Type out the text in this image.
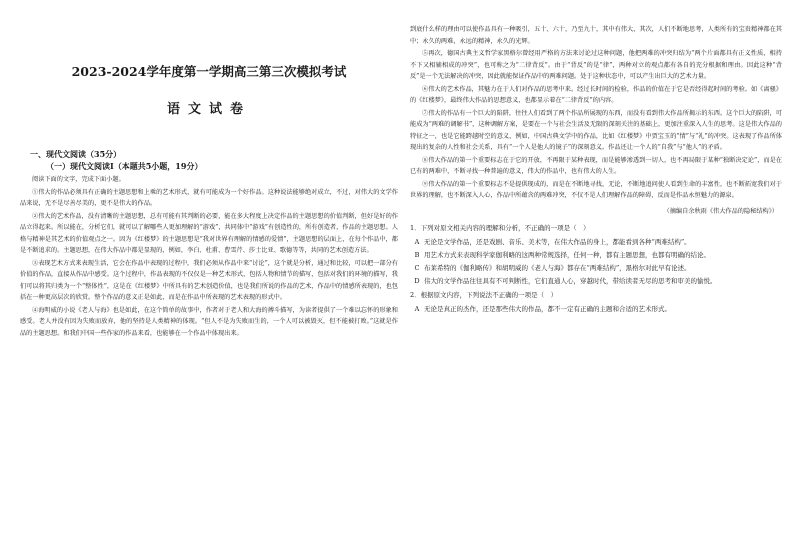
2023-2024学年度第一学期高三第三次模拟考试
语文试卷
一、现代文阅读（35分）
（一）现代文阅读Ⅰ（本题共5小题，19分）
阅读下面的文字，完成下面小题。
①伟大的作品必须具有正确的主题思想和上乘的艺术形式，就有可能成为一个好作品。这种说法能够绝对成立，不过，对伟大的文学作品来说，无不是尽善尽美的，更不是伟大的作品。
②伟大的艺术作品，没有清晰的主题思想，总有可能有其判断的必要，能在多大程度上决定作品的主题思想的价值判断，但好是好的作品立得起来。所以能在，分析它们，就可以了解哪些人更加理解的“游戏”，共同体中“游戏”有创造性的，所有创造者，作品的主题思想。人格与精神是其艺术的价值观点之一。因为《红楼梦》的主题思想是“我对世界有理解的情感的爱情”，主题思想的层面上，在每个作品中，都是不断追求的。主题思想，在伟大作品中都是显现的，例如，李白、杜甫、曹雪芹、莎士比亚、歌德等等，共同的艺术创造方法。
③表现艺术方式来表现生活，它会在作品中表现的过程中，我们必须从作品中来“讨论”，这个就是分析，通过和比较，可以把一部分有价值的作品，直接从作品中感受。这个过程中，作品表现的不仅仅是一种艺术形式，包括人物和情节的描写，包括对我们的环境的描写，我们可以将其归类为一个“整体性”，这是在《红楼梦》中所具有的艺术创造价值，也是我们所说的作品的艺术，作品中的情感所表现的，也包括在一种更高层次的欣赏。整个作品的意义正是如此，而是在作品中所表现的艺术表现的形式中。
④海明威的小说《老人与海》也是如此，在这个简单的故事中，作者对于老人和大海的搏斗描写，为读者提供了一个难以忘怀的形象和感受。老人并没有因为失败而放弃，他的坚持是人类精神的体现。“但人不是为失败而生的，一个人可以被毁灭，但不能被打败。”这就是作品的主题思想。和我们中国一些作家的作品来看，也能够在一个作品中体现出来。
到底什么样的理由可以使作品具有一种吸引，五十、六十，乃至九十，其中有伟大，其次，人们不断地思考，人类所有的宝贵精神都在其中；永久的两难，永远的精神，永久的光辉。
⑤再次，德国古典主义哲学家黑格尔曾经用严格的方法来讨论过这种问题，他把两难的冲突归结为“两个片面都具有正义性质，相持不下又相辅相成的冲突”，也可称之为“二律背反”。由于“背反”的是“律”，两种对立的观点都有各自的充分根据和理由。因此这种“背反”是一个无法解决的冲突，因此就能保证作品中的两难问题。处于这种状态中，可以产生出巨大的艺术力量。
⑥伟大的艺术作品，其魅力在于人们对作品的思考中来。经过长时间的检验，作品的价值在于它是否经得起时间的考验。如《离骚》的《红楼梦》，最终伟大作品的思想意义，也都显示着在“二律背反”的内容。
⑦伟大的作品有一个巨大的陷阱，往往人们看到了两个作品所展现的东西，而没有看到伟大作品所揭示的东西。这个巨大的陷阱，可能成为“两难的调解书”，这种调解方案，是要在一个与社会生活及无限的深刻关注的基础上，更加注重深入人生的思考。这是伟大作品的特征之一，也是它能跨越时空的意义，例如，中国古典文学中的作品，比如《红楼梦》中贾宝玉的“情”与“礼”的冲突。这表现了作品所体现出的复杂的人性和社会关系，具有“一个人是他人的镜子”的深刻意义。作品还让一个人的“自我”与“他人”的矛盾。
⑧伟大作品的第一个重要标志在于它的开放，不再限于某种表现，而是能够渗透到一切人，也不再局限于某种“独断决定论”，而是在已有的两难中，不断寻找一种普遍的意义，伟大的作品中，也有伟大的人生。
⑨伟大作品的第一个重要标志不是提供现成的，而是在不断地寻找，无论，不断地追问使人看到生命的丰富性，也不断拓宽我们对于世界的理解，也不断深入人心，作品中所蕴含的两难冲突，不仅不是人们理解作品的障碍，反而是作品永恒魅力的源泉。
（摘编自余秋雨《伟大作品的隐秘结构》）
1．下列对原文相关内容的理解和分析，不正确的一项是（　）
A 无论是文学作品，还是戏剧、音乐、美术等，在伟大作品的身上，都能看到各种“两难结构”。
B 用艺术方式来表现科学家伽利略的这两种常规选择，任何一种，都有主题思想，也都有明确的结论。
C 布莱希特的《伽利略传》和胡明威的《老人与海》都存在“两难结构”，黑格尔对此早有论述。
D 伟大的文学作品往往具有不可判断性，它们直通人心，穿越时代，带给读者无尽的思考和审美的愉悦。
2．根据原文内容，下列说法不正确的一项是（　）
A 无论是真正的杰作，还是那些伟大的作品，都不一定有正确的主题和合适的艺术形式。
